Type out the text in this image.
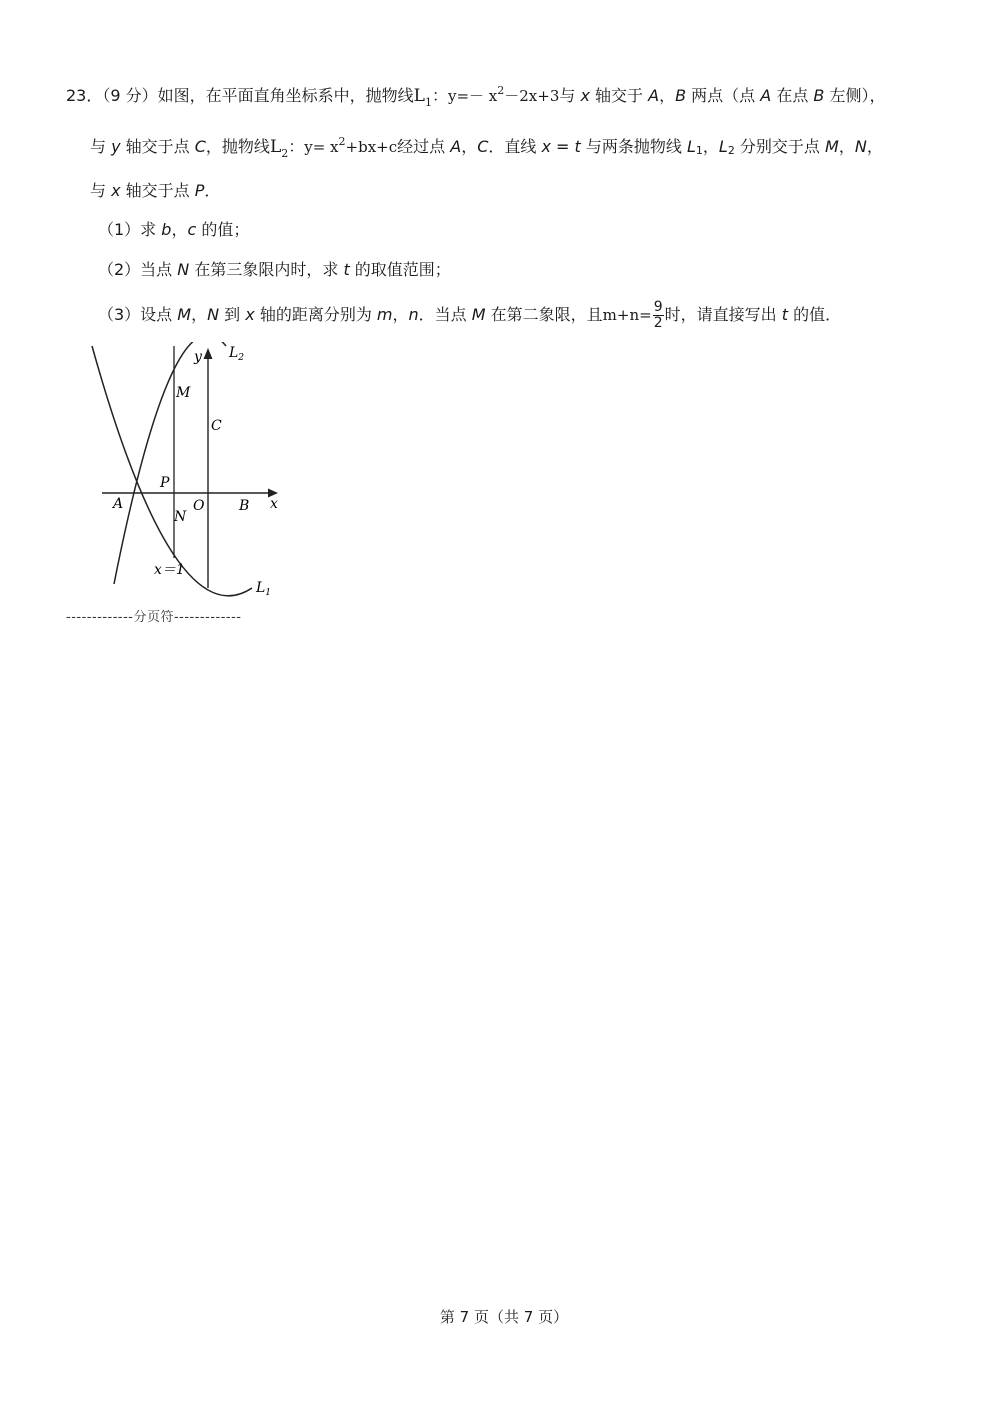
23．（9 分）如图，在平面直角坐标系中，抛物线$L_1$：$y=- x^2-2x+3$与 x 轴交于 A，B 两点（点 A 在点 B 左侧），
与 y 轴交于点 C，抛物线$L_2$：$y= x^2+bx+c$经过点 A，C．直线 x = t 与两条抛物线 L1，L2 分别交于点 M，N，
与 x 轴交于点 P．
（1）求 b，c 的值；
（2）当点 N 在第三象限内时，求 t 的取值范围；
（3）设点 M，N 到 x 轴的距离分别为 m，n．当点 M 在第二象限，且$m+n= \frac{9}{2}$ 时，请直接写出 t 的值．
y $L_2$
M
C
P
A
N
O B x
x＝1
$L_1$
-------------分页符-------------
第 7 页（共 7 页）
